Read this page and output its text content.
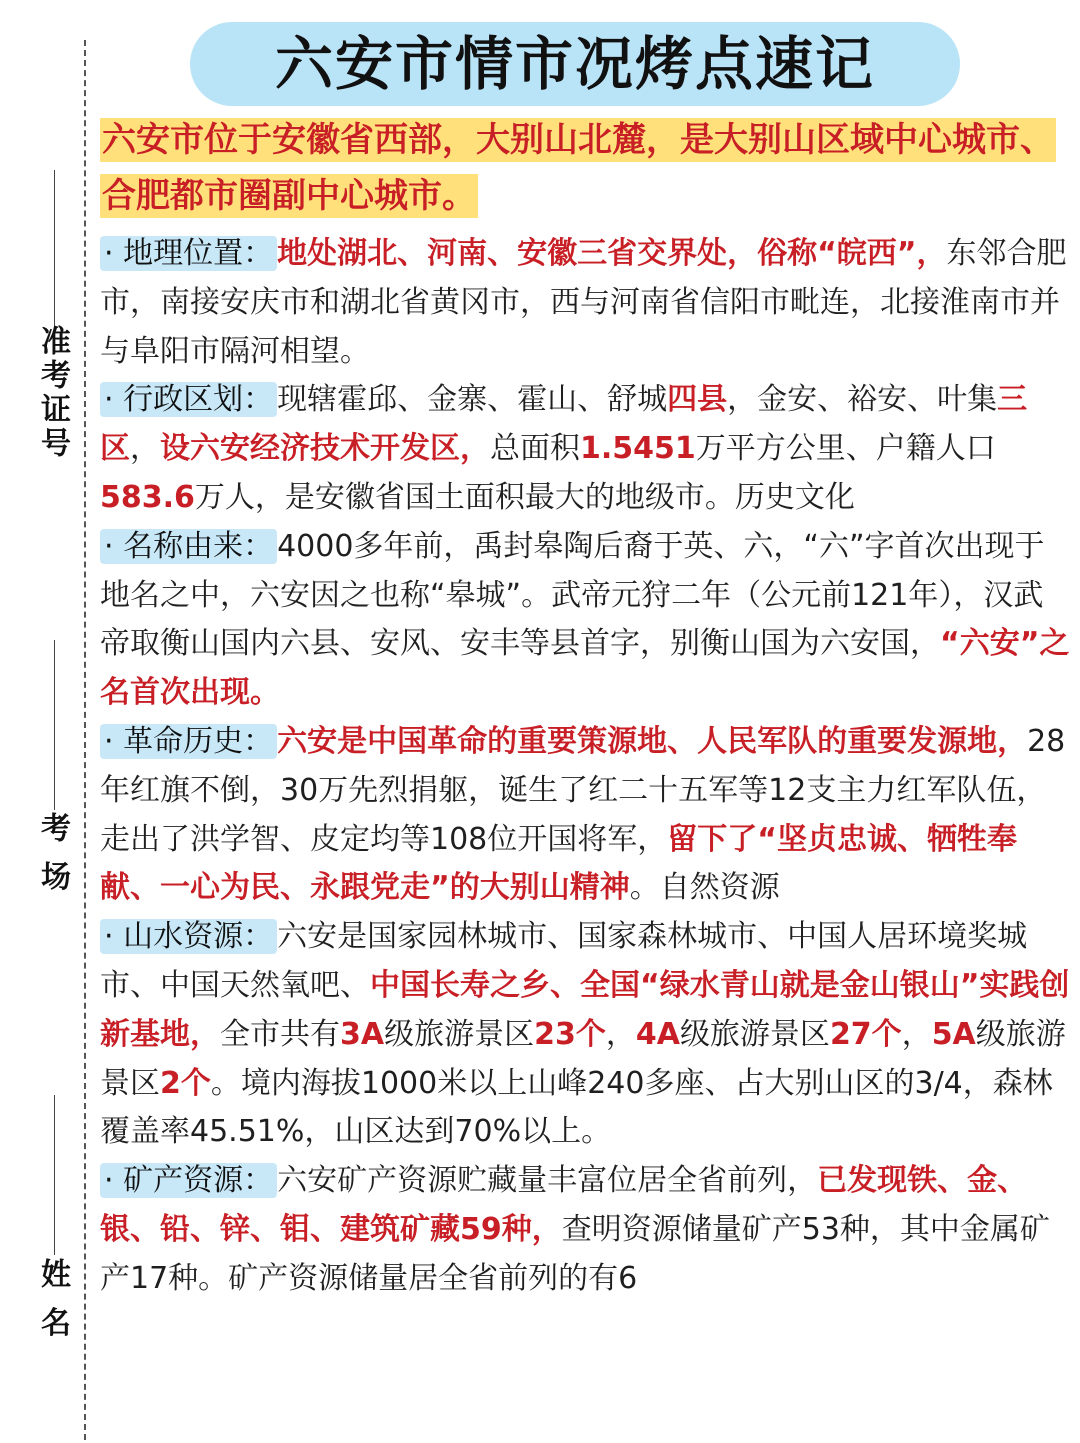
准考证号
考 场
姓 名
六安市情市况烤点速记

六安市位于安徽省西部，大别山北麓，是大别山区域中心城市、合肥都市圈副中心城市。

· 地理位置： 地处湖北、河南、安徽三省交界处，俗称“皖西”，东邻合肥市，南接安庆市和湖北省黄冈市，西与河南省信阳市毗连，北接淮南市并与阜阳市隔河相望。

· 行政区划： 现辖霍邱、金寨、霍山、舒城四县，金安、裕安、叶集三区，设六安经济技术开发区，总面积1.5451万平方公里、户籍人口583.6万人，是安徽省国土面积最大的地级市。历史文化

· 名称由来： 4000多年前，禹封皋陶后裔于英、六，“六”字首次出现于地名之中，六安因之也称“皋城”。武帝元狩二年（公元前121年），汉武帝取衡山国内六县、安风、安丰等县首字，别衡山国为六安国，“六安”之名首次出现。

· 革命历史： 六安是中国革命的重要策源地、人民军队的重要发源地，28年红旗不倒，30万先烈捐躯，诞生了红二十五军等12支主力红军队伍，走出了洪学智、皮定均等108位开国将军，留下了“坚贞忠诚、牺牲奉献、一心为民、永跟党走”的大别山精神。自然资源

· 山水资源： 六安是国家园林城市、国家森林城市、中国人居环境奖城市、中国天然氧吧、中国长寿之乡、全国“绿水青山就是金山银山”实践创新基地，全市共有3A级旅游景区23个，4A级旅游景区27个，5A级旅游景区2个。境内海拔1000米以上山峰240多座、占大别山区的3/4，森林覆盖率45.51%，山区达到70%以上。

· 矿产资源： 六安矿产资源贮藏量丰富位居全省前列，已发现铁、金、银、铅、锌、钼、建筑矿藏59种，查明资源储量矿产53种，其中金属矿产17种。矿产资源储量居全省前列的有6
